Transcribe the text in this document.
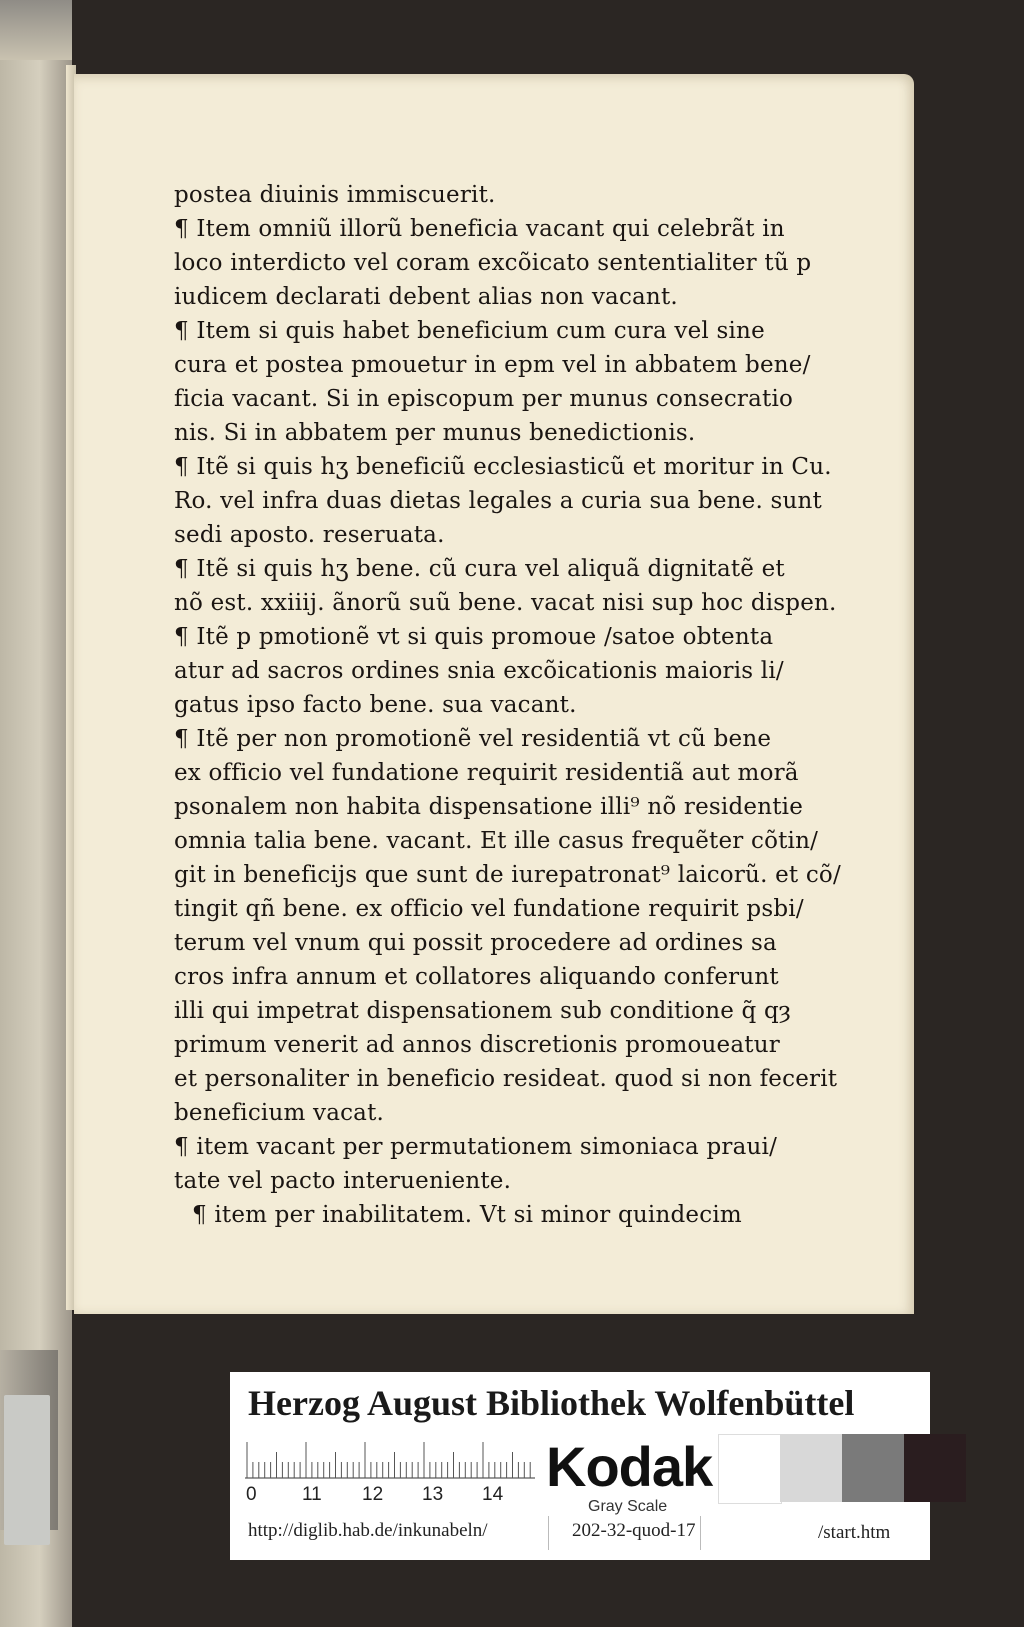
postea diuinis immiscuerit.
¶ Item omniũ illorũ beneficia vacant qui celebrãt in
loco interdicto vel coram excõicato sententialiter tũ p
iudicem declarati debent alias non vacant.
¶ Item si quis habet beneficium cum cura vel sine
cura et postea pmouetur in epm vel in abbatem bene/
ficia vacant. Si in episcopum per munus consecratio
nis. Si in abbatem per munus benedictionis.
¶ Itẽ si quis hʒ beneficiũ ecclesiasticũ et moritur in Cu.
Ro. vel infra duas dietas legales a curia sua bene. sunt
sedi aposto. reseruata.
¶ Itẽ si quis hʒ bene. cũ cura vel aliquã dignitatẽ et
nõ est. xxiiij. ãnorũ suũ bene. vacat nisi sup hoc dispen.
¶ Itẽ p pmotionẽ vt si quis promoue /satoe obtenta
atur ad sacros ordines snia excõicationis maioris li/
gatus ipso facto bene. sua vacant.
¶ Itẽ per non promotionẽ vel residentiã vt cũ bene
ex officio vel fundatione requirit residentiã aut morã
psonalem non habita dispensatione illi⁹ nõ residentie
omnia talia bene. vacant. Et ille casus frequẽter cõtin/
git in beneficijs que sunt de iurepatronat⁹ laicorũ. et cõ/
tingit qñ bene. ex officio vel fundatione requirit psbi/
terum vel vnum qui possit procedere ad ordines sa
cros infra annum et collatores aliquando conferunt
illi qui impetrat dispensationem sub conditione q̃ qȝ
primum venerit ad annos discretionis promoueatur
et personaliter in beneficio resideat. quod si non fecerit
beneficium vacat.
¶ item vacant per permutationem simoniaca praui/
tate vel pacto interueniente.
¶ item per inabilitatem. Vt si minor quindecim
Herzog August Bibliothek Wolfenbüttel
0 11 12 13 14 Kodak
Gray Scale
http://diglib.hab.de/inkunabeln/	202-32-quod-17	/start.htm
